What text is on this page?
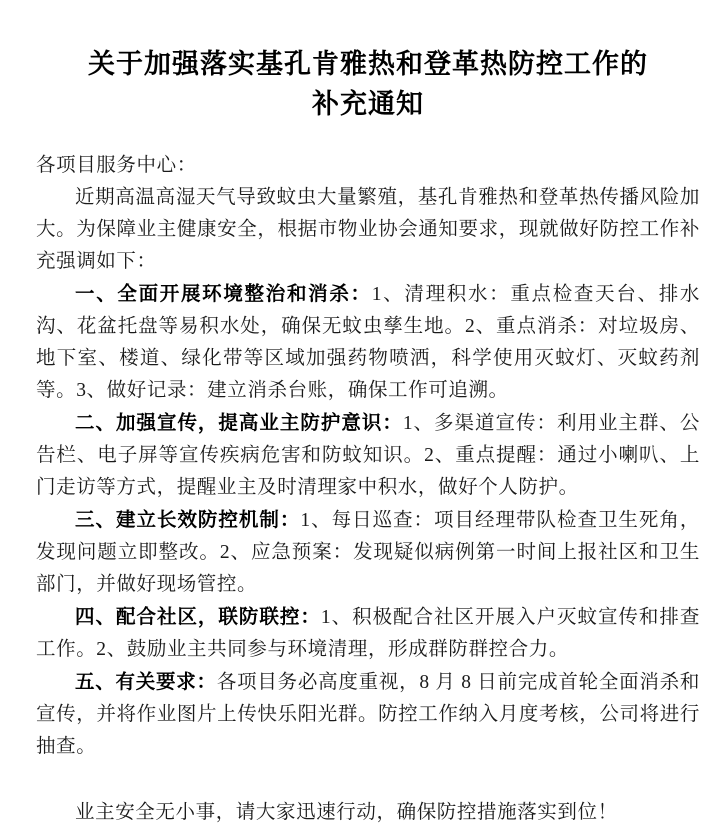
关于加强落实基孔肯雅热和登革热防控工作的
补充通知

各项目服务中心：

近期高温高湿天气导致蚊虫大量繁殖，基孔肯雅热和登革热传播风险加大。为保障业主健康安全，根据市物业协会通知要求，现就做好防控工作补充强调如下：

一、全面开展环境整治和消杀：1、清理积水：重点检查天台、排水沟、花盆托盘等易积水处，确保无蚊虫孳生地。2、重点消杀：对垃圾房、地下室、楼道、绿化带等区域加强药物喷洒，科学使用灭蚊灯、灭蚊药剂等。3、做好记录：建立消杀台账，确保工作可追溯。

二、加强宣传，提高业主防护意识：1、多渠道宣传：利用业主群、公告栏、电子屏等宣传疾病危害和防蚊知识。2、重点提醒：通过小喇叭、上门走访等方式，提醒业主及时清理家中积水，做好个人防护。

三、建立长效防控机制：1、每日巡查：项目经理带队检查卫生死角，发现问题立即整改。2、应急预案：发现疑似病例第一时间上报社区和卫生部门，并做好现场管控。

四、配合社区，联防联控：1、积极配合社区开展入户灭蚊宣传和排查工作。2、鼓励业主共同参与环境清理，形成群防群控合力。

五、有关要求：各项目务必高度重视，8 月 8 日前完成首轮全面消杀和宣传，并将作业图片上传快乐阳光群。防控工作纳入月度考核，公司将进行抽查。

业主安全无小事，请大家迅速行动，确保防控措施落实到位！
